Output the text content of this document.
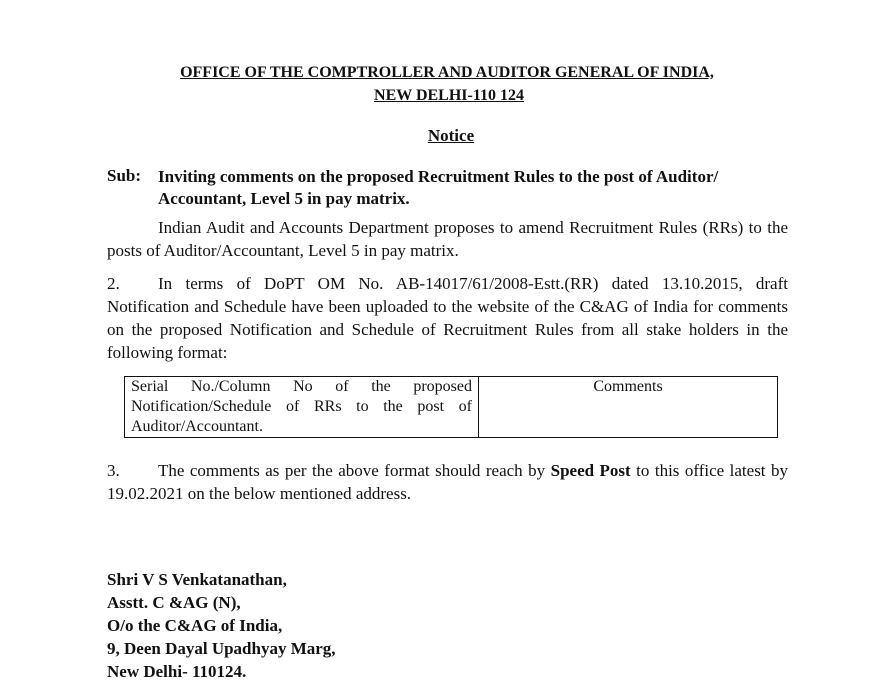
OFFICE OF THE COMPTROLLER AND AUDITOR GENERAL OF INDIA,
NEW DELHI-110 124
Notice
Sub: Inviting comments on the proposed Recruitment Rules to the post of Auditor/ Accountant, Level 5 in pay matrix.
Indian Audit and Accounts Department proposes to amend Recruitment Rules (RRs) to the posts of Auditor/Accountant, Level 5 in pay matrix.
2. In terms of DoPT OM No. AB-14017/61/2008-Estt.(RR) dated 13.10.2015, draft Notification and Schedule have been uploaded to the website of the C&AG of India for comments on the proposed Notification and Schedule of Recruitment Rules from all stake holders in the following format:
Serial No./Column No of the proposed Notification/Schedule of RRs to the post of Auditor/Accountant.	Comments
3. The comments as per the above format should reach by Speed Post to this office latest by 19.02.2021 on the below mentioned address.
Shri V S Venkatanathan,
Asstt. C &AG (N),
O/o the C&AG of India,
9, Deen Dayal Upadhyay Marg,
New Delhi- 110124.
